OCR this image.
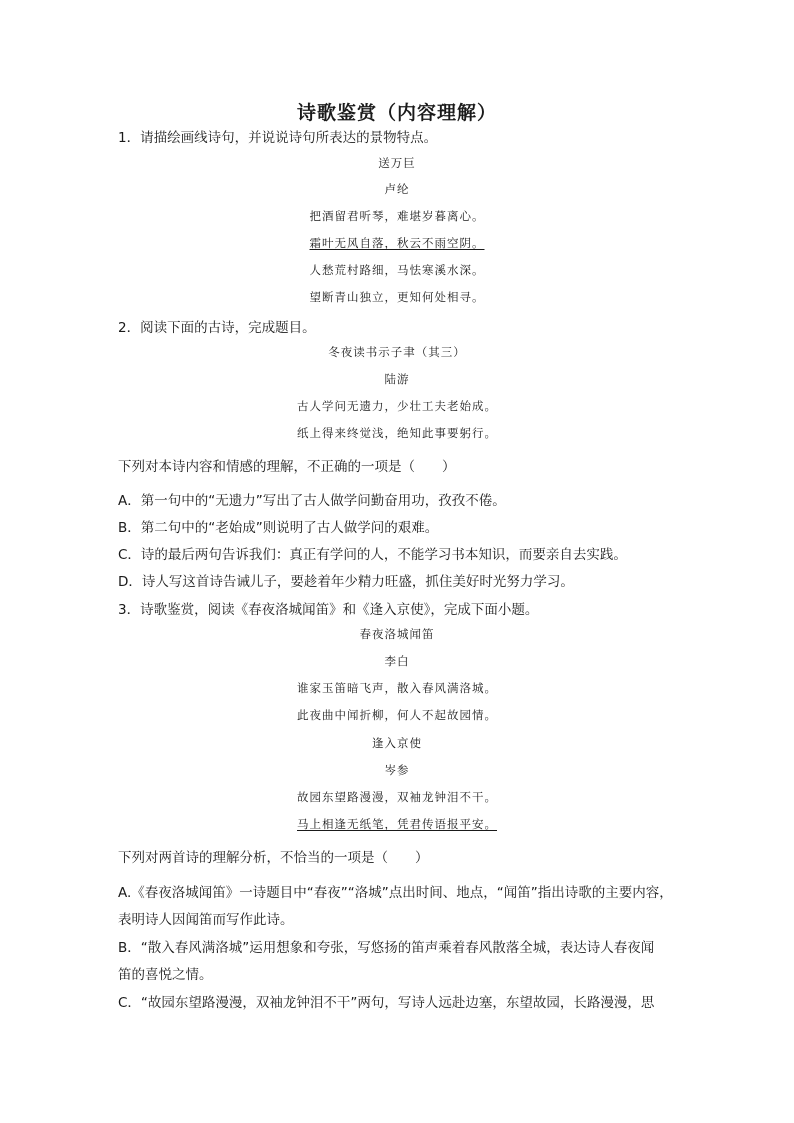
诗歌鉴赏（内容理解）
1．请描绘画线诗句，并说说诗句所表达的景物特点。
送万巨
卢纶
把酒留君听琴，难堪岁暮离心。
霜叶无风自落，秋云不雨空阴。
人愁荒村路细，马怯寒溪水深。
望断青山独立，更知何处相寻。
2．阅读下面的古诗，完成题目。
冬夜读书示子聿（其三）
陆游
古人学问无遗力，少壮工夫老始成。
纸上得来终觉浅，绝知此事要躬行。
下列对本诗内容和情感的理解，不正确的一项是（　　）
A．第一句中的“无遗力”写出了古人做学问勤奋用功，孜孜不倦。
B．第二句中的“老始成”则说明了古人做学问的艰难。
C．诗的最后两句告诉我们：真正有学问的人，不能学习书本知识，而要亲自去实践。
D．诗人写这首诗告诫儿子，要趁着年少精力旺盛，抓住美好时光努力学习。
3．诗歌鉴赏，阅读《春夜洛城闻笛》和《逢入京使》，完成下面小题。
春夜洛城闻笛
李白
谁家玉笛暗飞声，散入春风满洛城。
此夜曲中闻折柳，何人不起故园情。
逢入京使
岑参
故园东望路漫漫，双袖龙钟泪不干。
马上相逢无纸笔，凭君传语报平安。
下列对两首诗的理解分析，不恰当的一项是（　　）
A.《春夜洛城闻笛》一诗题目中“春夜”“洛城”点出时间、地点，“闻笛”指出诗歌的主要内容，
表明诗人因闻笛而写作此诗。
B．“散入春风满洛城”运用想象和夸张，写悠扬的笛声乘着春风散落全城，表达诗人春夜闻
笛的喜悦之情。
C．“故园东望路漫漫，双袖龙钟泪不干”两句，写诗人远赴边塞，东望故园，长路漫漫，思
